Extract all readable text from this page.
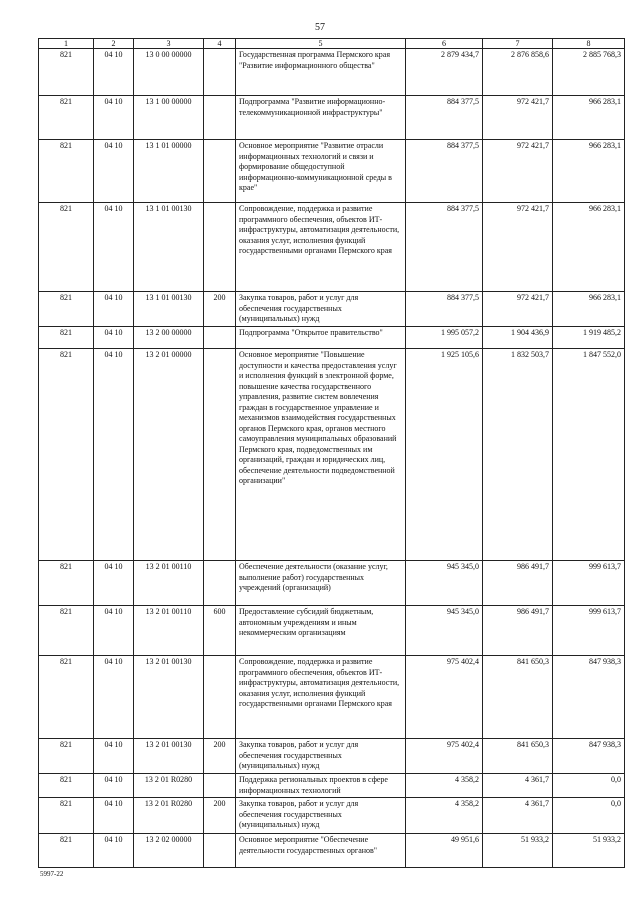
57
1	2	3	4	5	6	7	8
821	04 10	13 0 00 00000		Государственная программа Пермского края "Развитие информационного общества"	2 879 434,7	2 876 858,6	2 885 768,3
821	04 10	13 1 00 00000		Подпрограмма "Развитие информационно-телекоммуникационной инфраструктуры"	884 377,5	972 421,7	966 283,1
821	04 10	13 1 01 00000		Основное мероприятие "Развитие отрасли информационных технологий и связи и формирование общедоступной информационно-коммуникационной среды в крае"	884 377,5	972 421,7	966 283,1
821	04 10	13 1 01 00130		Сопровождение, поддержка и развитие программного обеспечения, объектов ИТ-инфраструктуры, автоматизация деятельности, оказания услуг, исполнения функций государственными органами Пермского края	884 377,5	972 421,7	966 283,1
821	04 10	13 1 01 00130	200	Закупка товаров, работ и услуг для обеспечения государственных (муниципальных) нужд	884 377,5	972 421,7	966 283,1
821	04 10	13 2 00 00000		Подпрограмма "Открытое правительство"	1 995 057,2	1 904 436,9	1 919 485,2
821	04 10	13 2 01 00000		Основное мероприятие "Повышение доступности и качества предоставления услуг и исполнения функций в электронной форме, повышение качества государственного управления, развитие систем вовлечения граждан в государственное управление и механизмов взаимодействия государственных органов Пермского края, органов местного самоуправления муниципальных образований Пермского края, подведомственных им организаций, граждан и юридических лиц, обеспечение деятельности подведомственной организации"	1 925 105,6	1 832 503,7	1 847 552,0
821	04 10	13 2 01 00110		Обеспечение деятельности (оказание услуг, выполнение работ) государственных учреждений (организаций)	945 345,0	986 491,7	999 613,7
821	04 10	13 2 01 00110	600	Предоставление субсидий бюджетным, автономным учреждениям и иным некоммерческим организациям	945 345,0	986 491,7	999 613,7
821	04 10	13 2 01 00130		Сопровождение, поддержка и развитие программного обеспечения, объектов ИТ-инфраструктуры, автоматизация деятельности, оказания услуг, исполнения функций государственными органами Пермского края	975 402,4	841 650,3	847 938,3
821	04 10	13 2 01 00130	200	Закупка товаров, работ и услуг для обеспечения государственных (муниципальных) нужд	975 402,4	841 650,3	847 938,3
821	04 10	13 2 01 R0280		Поддержка региональных проектов в сфере информационных технологий	4 358,2	4 361,7	0,0
821	04 10	13 2 01 R0280	200	Закупка товаров, работ и услуг для обеспечения государственных (муниципальных) нужд	4 358,2	4 361,7	0,0
821	04 10	13 2 02 00000		Основное мероприятие "Обеспечение деятельности государственных органов"	49 951,6	51 933,2	51 933,2
5997-22
